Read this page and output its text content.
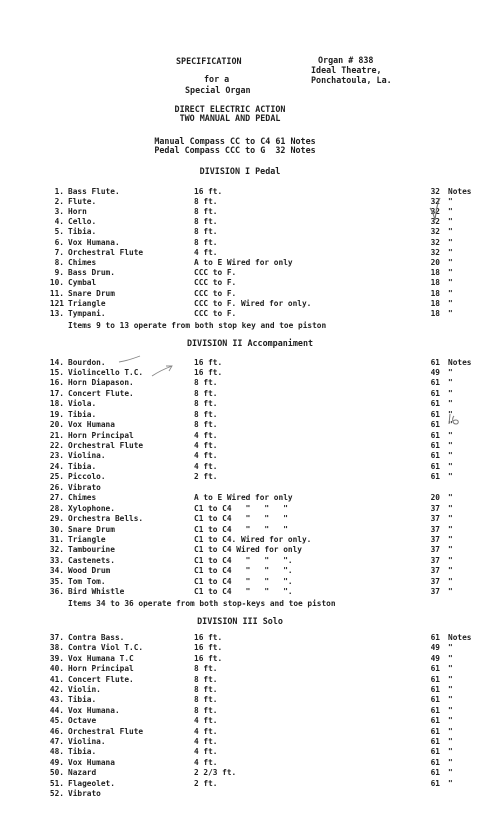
SPECIFICATION	Organ # 838
Ideal Theatre,
Ponchatoula, La.
for a
Special Organ
DIRECT ELECTRIC ACTION
TWO MANUAL AND PEDAL
Manual Compass CC to C4 61 Notes
Pedal Compass CCC to G  32 Notes
DIVISION I Pedal
Items 9 to 13 operate from both stop key and toe piston
DIVISION II Accompaniment
Items 34 to 36 operate from both stop-keys and toe piston
DIVISION III Solo
1. Bass Flute. . . .	16 ft. . . .	32 Notes
2. Flute. . . .	8 ft. . . .	32 "
3. Horn . . .	8 ft. . . .	32 "
4. Cello. . . .	8 ft. . . .	32 "
5. Tibia. . . .	8 ft. . . .	32 "
6. Vox Humana. . . .	8 ft. . . .	32 "
7. Orchestral Flute . . .	4 ft. . . .	32 "
8. Chimes . . .	A to E Wired for only . . .	20 "
9. Bass Drum. . . .	CCC to F. . . .	18 "
10. Cymbal . . .	CCC to F. . . .	18 "
11. Snare Drum . . .	CCC to F. . . .	18 "
121 Triangle . . .	CCC to F. Wired for only. . . .	18 "
13. Tympani. . . .	CCC to F. . . .	18 "
14. Bourdon. . . .	16 ft. . . .	61 Notes
15. Violincello T.C. . . .	16 ft. . . .	49 "
16. Horn Diapason. . . .	8 ft. . . .	61 "
17. Concert Flute. . . .	8 ft. . . .	61 "
18. Viola. . . .	8 ft. . . .	61 "
19. Tibia. . . .	8 ft. . . .	61 "
20. Vox Humana . . .	8 ft. . . .	61 "
21. Horn Principal . . .	4 ft. . . .	61 "
22. Orchestral Flute . . .	4 ft. . . .	61 "
23. Violina. . . .	4 ft. . . .	61 "
24. Tibia. . . .	4 ft. . . .	61 "
25. Piccolo. . . .	2 ft. . . .	61 "
26. Vibrato
27. Chimes . . .	A to E Wired for only . . .	20 "
28. Xylophone. . . .	C1 to C4   "   "   " . . .	37 "
29. Orchestra Bells. . . .	C1 to C4   "   "   " . . .	37 "
30. Snare Drum . . .	C1 to C4   "   "   " . . .	37 "
31. Triangle . . .	C1 to C4. Wired for only. . . .	37 "
32. Tambourine . . .	C1 to C4 Wired for only . . .	37 "
33. Castenets. . . .	C1 to C4   "   "   ". . . .	37 "
34. Wood Drum . . .	C1 to C4   "   "   ". . . .	37 "
35. Tom Tom. . . .	C1 to C4   "   "   ". . . .	37 "
36. Bird Whistle . . .	C1 to C4   "   "   ". . . .	37 "
37. Contra Bass. . . .	16 ft. . . .	61 Notes
38. Contra Viol T.C. . . .	16 ft. . . .	49 "
39. Vox Humana T.C . . .	16 ft. . . .	49 "
40. Horn Principal . . .	8 ft. . . .	61 "
41. Concert Flute. . . .	8 ft. . . .	61 "
42. Violin. . . .	8 ft. . . .	61 "
43. Tibia. . . .	8 ft. . . .	61 "
44. Vox Humana. . . .	8 ft. . . .	61 "
45. Octave . . .	4 ft. . . .	61 "
46. Orchestral Flute . . .	4 ft. . . .	61 "
47. Violina. . . .	4 ft. . . .	61 "
48. Tibia. . . .	4 ft. . . .	61 "
49. Vox Humana . . .	4 ft. . . .	61 "
50. Nazard . . .	2 2/3 ft. . . .	61 "
51. Flageolet. . . .	2 ft. . . .	61 "
52. Vibrato
